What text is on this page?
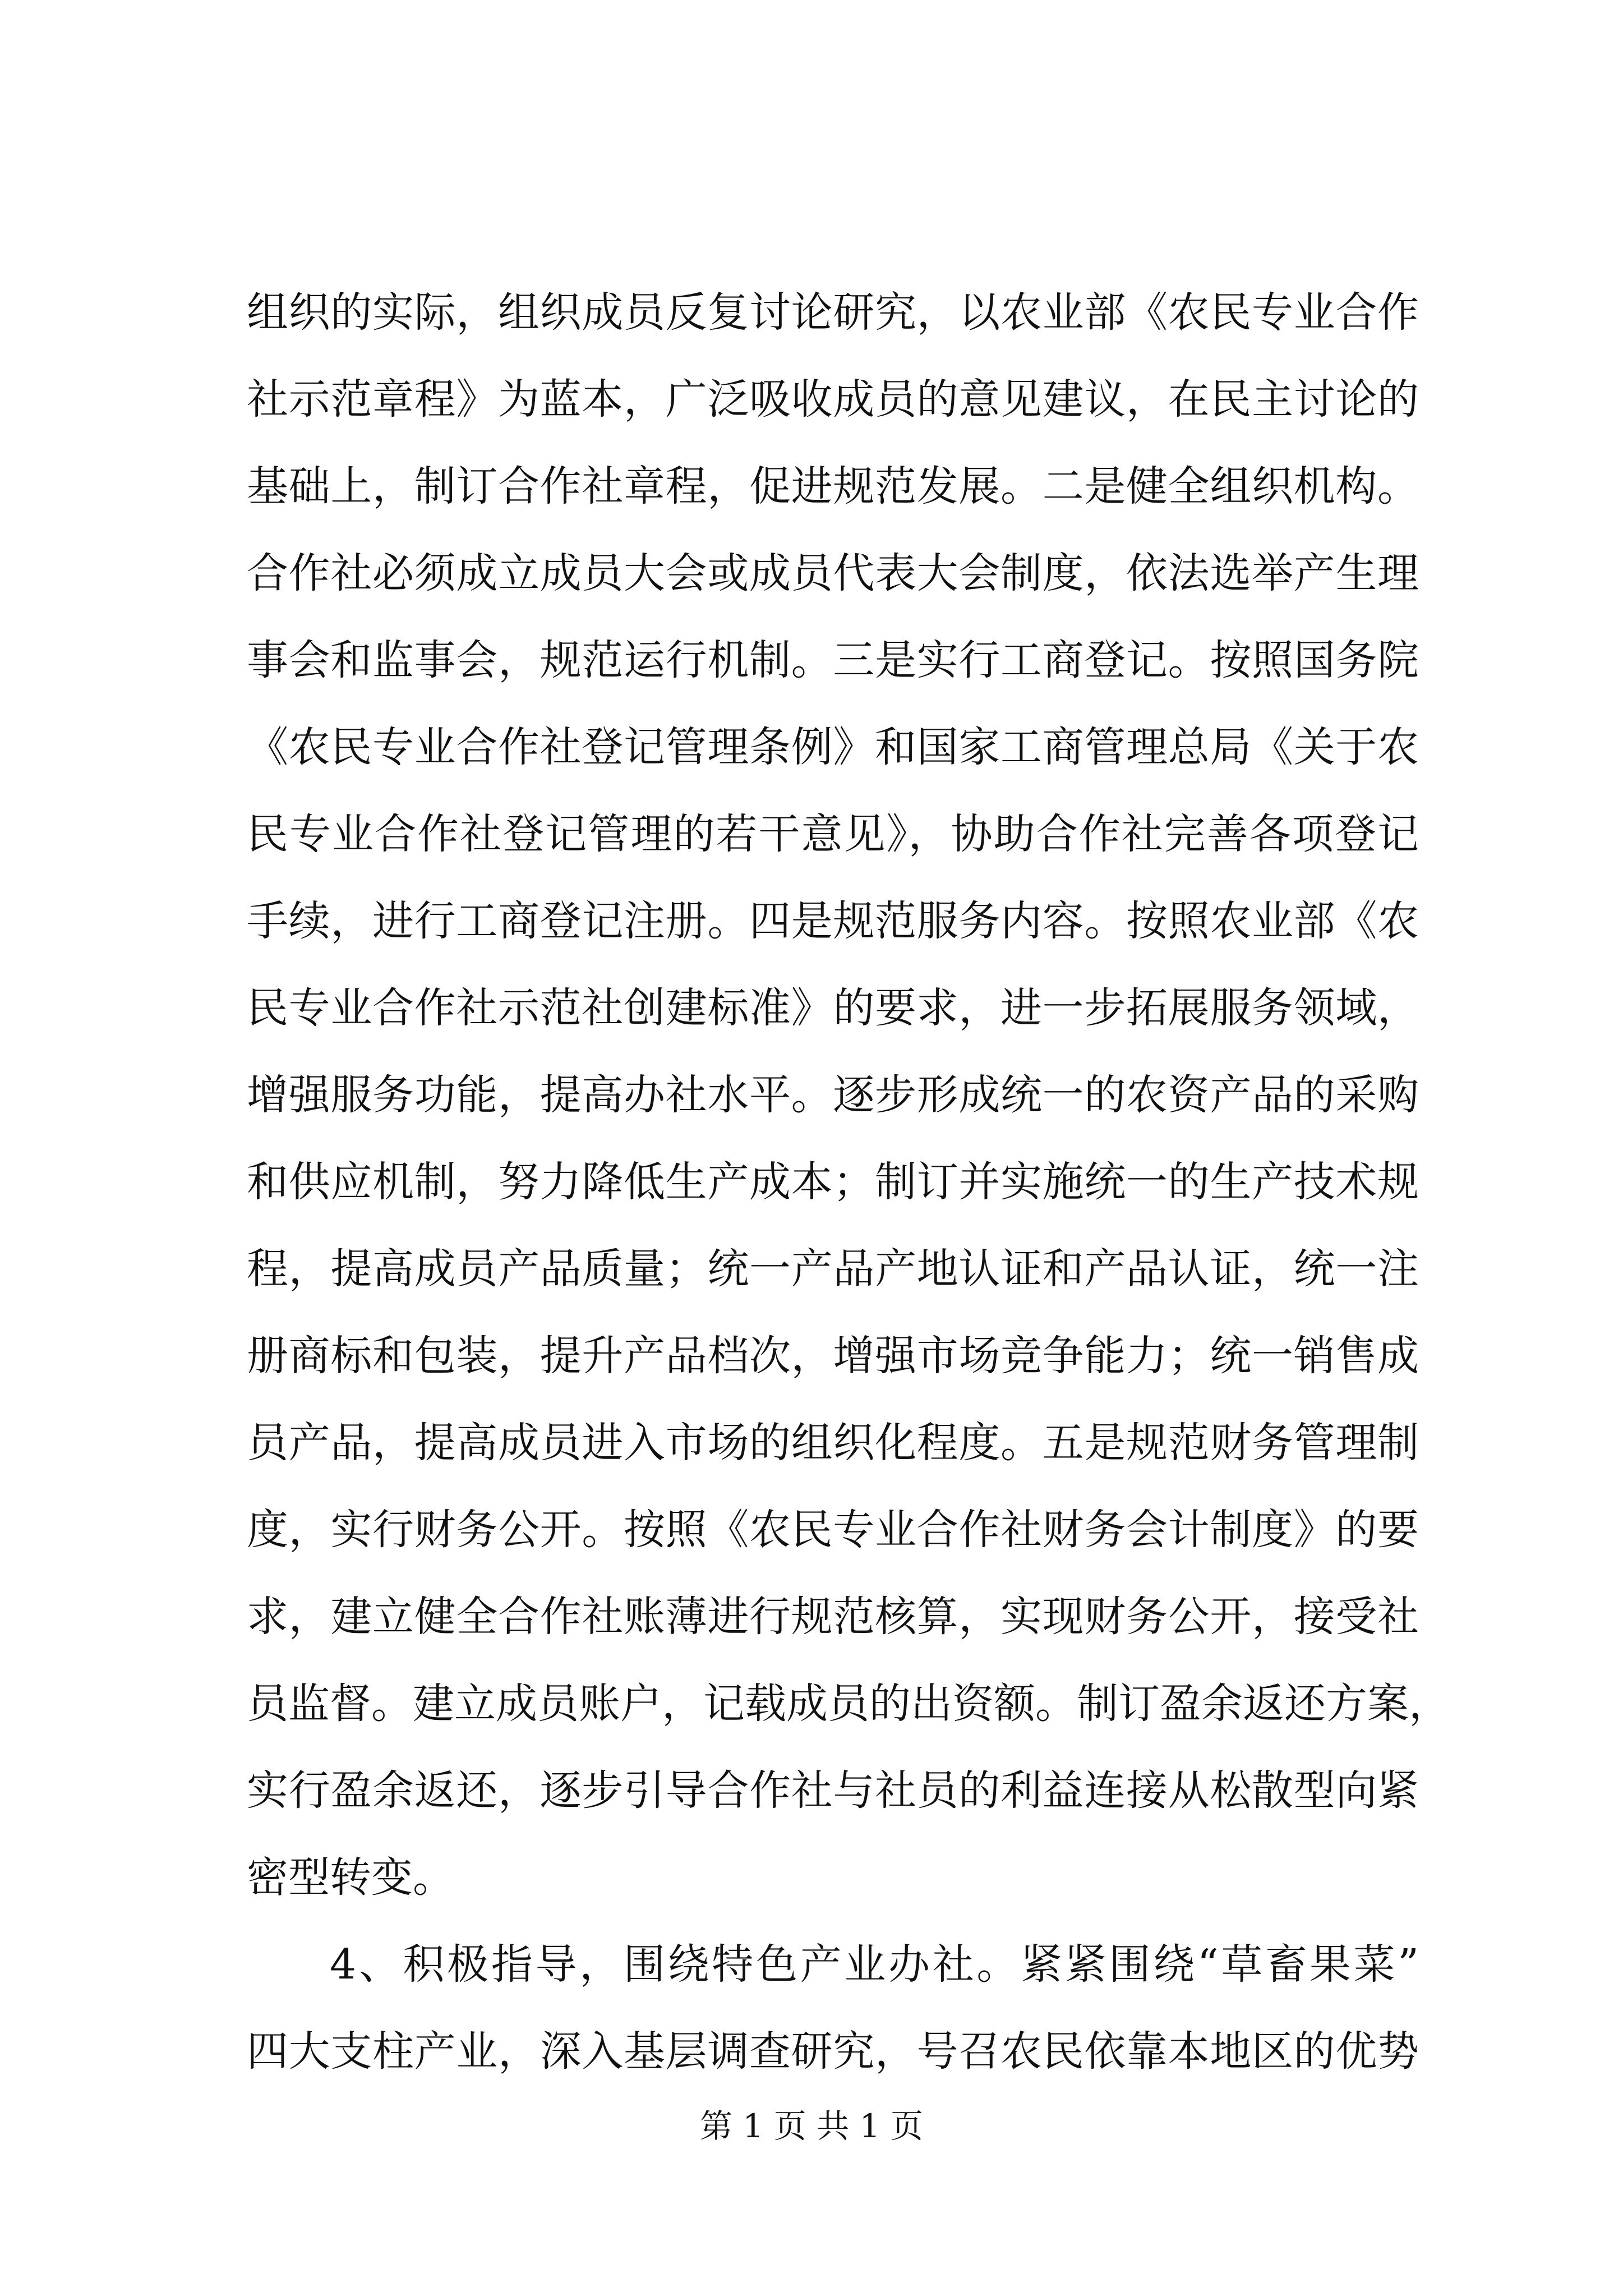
组织的实际，组织成员反复讨论研究，以农业部《农民专业合作
社示范章程》为蓝本，广泛吸收成员的意见建议，在民主讨论的
基础上，制订合作社章程，促进规范发展。二是健全组织机构。
合作社必须成立成员大会或成员代表大会制度，依法选举产生理
事会和监事会，规范运行机制。三是实行工商登记。按照国务院
《农民专业合作社登记管理条例》和国家工商管理总局《关于农
民专业合作社登记管理的若干意见》，协助合作社完善各项登记
手续，进行工商登记注册。四是规范服务内容。按照农业部《农
民专业合作社示范社创建标准》的要求，进一步拓展服务领域，
增强服务功能，提高办社水平。逐步形成统一的农资产品的采购
和供应机制，努力降低生产成本；制订并实施统一的生产技术规
程，提高成员产品质量；统一产品产地认证和产品认证，统一注
册商标和包装，提升产品档次，增强市场竞争能力；统一销售成
员产品，提高成员进入市场的组织化程度。五是规范财务管理制
度，实行财务公开。按照《农民专业合作社财务会计制度》的要
求，建立健全合作社账薄进行规范核算，实现财务公开，接受社
员监督。建立成员账户，记载成员的出资额。制订盈余返还方案，
实行盈余返还，逐步引导合作社与社员的利益连接从松散型向紧
密型转变。
4、积极指导，围绕特色产业办社。紧紧围绕“草畜果菜”
四大支柱产业，深入基层调查研究，号召农民依靠本地区的优势
第 1 页 共 1 页
